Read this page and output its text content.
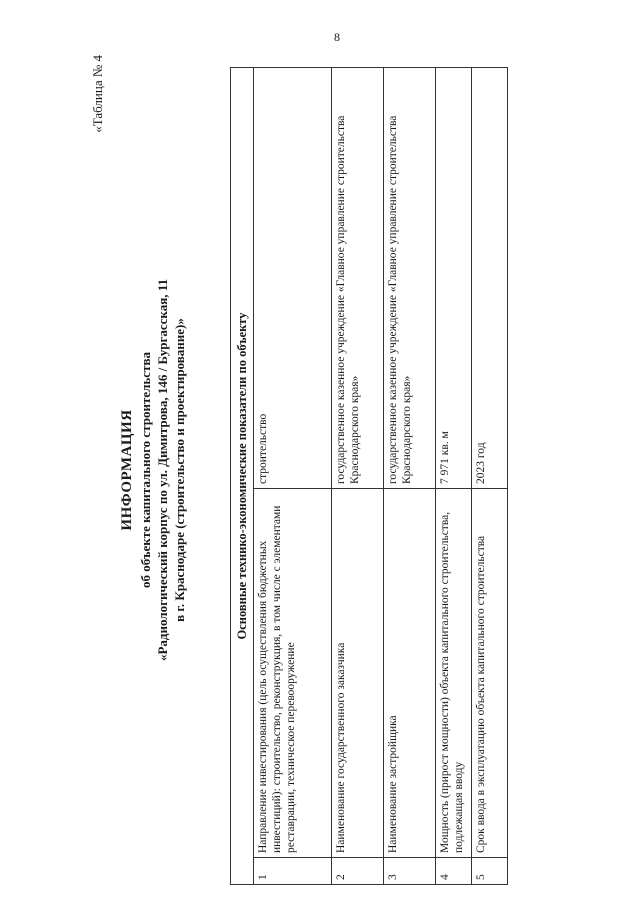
8
«Таблица № 4
ИНФОРМАЦИЯ об объекте капитального строительства «Радиологический корпус по ул. Димитрова, 146 / Бургасская, 11 в г. Краснодаре (строительство и проектирование)»	Основные технико-экономические показатели по объекту		
1	Направление инвестирования (цель осуществления бюджетных инвестиций): строительство, реконструкция, в том числе с элементами реставрации, техническое перевооружение	строительство
2	Наименование государственного заказчика	государственное казенное учреждение «Главное управление строительства Краснодарского края»
3	Наименование застройщика	государственное казенное учреждение «Главное управление строительства Краснодарского края»
4	Мощность (прирост мощности) объекта капитального строительства, подлежащая вводу	7 971 кв. м
5	Срок ввода в эксплуатацию объекта капитального строительства	2023 год
